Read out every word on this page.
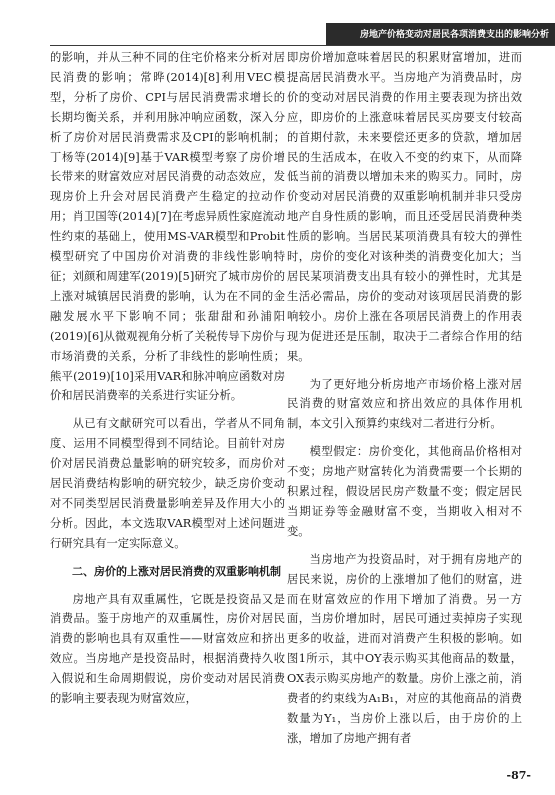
房地产价格变动对居民各项消费支出的影响分析

的影响，并从三种不同的住宅价格来分析对居民消费的影响；常晔(2014)[8]利用VEC模型，分析了房价、CPI与居民消费需求增长的长期均衡关系，并利用脉冲响应函数，深入分析了房价对居民消费需求及CPI的影响机制；丁杨等(2014)[9]基于VAR模型考察了房价增长带来的财富效应对居民消费的动态效应，发现房价上升会对居民消费产生稳定的拉动作用；肖卫国等(2014)[7]在考虑异质性家庭流动性约束的基础上，使用MS-VAR模型和Probit模型研究了中国房价对消费的非线性影响特征；刘颜和周建军(2019)[5]研究了城市房价的上涨对城镇居民消费的影响，认为在不同的金融发展水平下影响不同；张甜甜和孙浦阳(2019)[6]从微观视角分析了关税传导下房价与市场消费的关系，分析了非线性的影响性质；熊平(2019)[10]采用VAR和脉冲响应函数对房价和居民消费率的关系进行实证分析。

从已有文献研究可以看出，学者从不同角度、运用不同模型得到不同结论。目前针对房价对居民消费总量影响的研究较多，而房价对居民消费结构影响的研究较少，缺乏房价变动对不同类型居民消费量影响差异及作用大小的分析。因此，本文选取VAR模型对上述问题进行研究具有一定实际意义。

二、房价的上涨对居民消费的双重影响机制

房地产具有双重属性，它既是投资品又是消费品。鉴于房地产的双重属性，房价对居民消费的影响也具有双重性——财富效应和挤出效应。当房地产是投资品时，根据消费持久收入假说和生命周期假说，房价变动对居民消费的影响主要表现为财富效应，

即房价增加意味着居民的积累财富增加，进而提高居民消费水平。当房地产为消费品时，房价的变动对居民消费的作用主要表现为挤出效应，即房价的上涨意味着居民买房要支付较高的首期付款，未来要偿还更多的贷款，增加居民的生活成本，在收入不变的约束下，从而降低当前的消费以增加未来的购买力。同时，房价变动对居民消费的双重影响机制并非只受房地产自身性质的影响，而且还受居民消费种类性质的影响。当居民某项消费具有较大的弹性时，房价的变化对该种类的消费变化加大；当居民某项消费支出具有较小的弹性时，尤其是生活必需品，房价的变动对该项居民消费的影响较小。房价上涨在各项居民消费上的作用表现为促进还是压制，取决于二者综合作用的结果。

为了更好地分析房地产市场价格上涨对居民消费的财富效应和挤出效应的具体作用机制，本文引入预算约束线对二者进行分析。

模型假定：房价变化，其他商品价格相对不变；房地产财富转化为消费需要一个长期的积累过程，假设居民房产数量不变；假定居民当期证券等金融财富不变，当期收入相对不变。

当房地产为投资品时，对于拥有房地产的居民来说，房价的上涨增加了他们的财富，进而在财富效应的作用下增加了消费。另一方面，当房价增加时，居民可通过卖掉房子实现更多的收益，进而对消费产生积极的影响。如图1所示，其中OY表示购买其他商品的数量，OX表示购买房地产的数量。房价上涨之前，消费者的约束线为A₁B₁，对应的其他商品的消费数量为Y₁，当房价上涨以后，由于房价的上涨，增加了房地产拥有者

-87-
